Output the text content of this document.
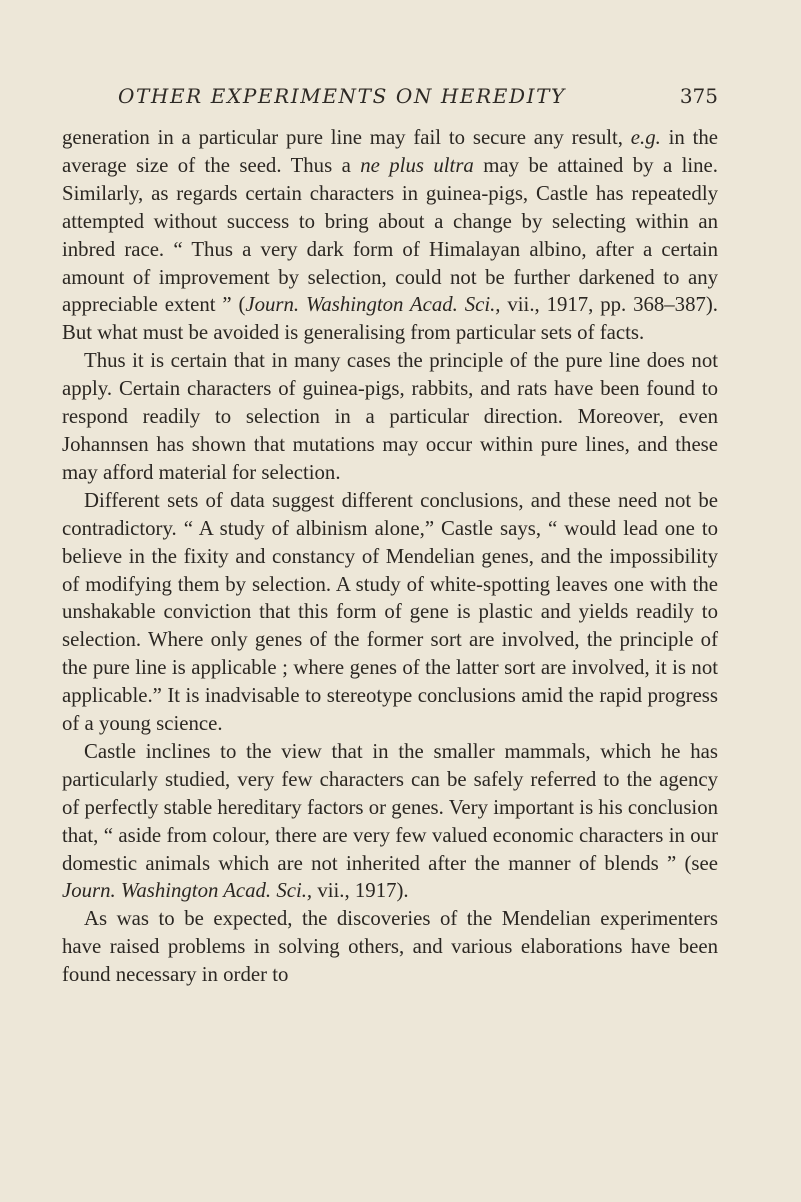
OTHER EXPERIMENTS ON HEREDITY	375

generation in a particular pure line may fail to secure any result, e.g. in the average size of the seed. Thus a ne plus ultra may be attained by a line. Similarly, as regards certain characters in guinea-pigs, Castle has repeatedly attempted without success to bring about a change by selecting within an inbred race. “ Thus a very dark form of Himalayan albino, after a certain amount of improvement by selection, could not be further darkened to any appreciable extent ” (Journ. Washington Acad. Sci., vii., 1917, pp. 368–387). But what must be avoided is generalising from particular sets of facts.

Thus it is certain that in many cases the principle of the pure line does not apply. Certain characters of guinea-pigs, rabbits, and rats have been found to respond readily to selection in a particular direction. Moreover, even Johannsen has shown that mutations may occur within pure lines, and these may afford material for selection.

Different sets of data suggest different conclusions, and these need not be contradictory. “ A study of albinism alone,” Castle says, “ would lead one to believe in the fixity and constancy of Mendelian genes, and the impossibility of modifying them by selection. A study of white-spotting leaves one with the unshakable conviction that this form of gene is plastic and yields readily to selection. Where only genes of the former sort are involved, the principle of the pure line is applicable ; where genes of the latter sort are involved, it is not applicable.” It is inadvisable to stereotype conclusions amid the rapid progress of a young science.

Castle inclines to the view that in the smaller mammals, which he has particularly studied, very few characters can be safely referred to the agency of perfectly stable hereditary factors or genes. Very important is his conclusion that, “ aside from colour, there are very few valued economic characters in our domestic animals which are not inherited after the manner of blends ” (see Journ. Washington Acad. Sci., vii., 1917).

As was to be expected, the discoveries of the Mendelian experimenters have raised problems in solving others, and various elaborations have been found necessary in order to
